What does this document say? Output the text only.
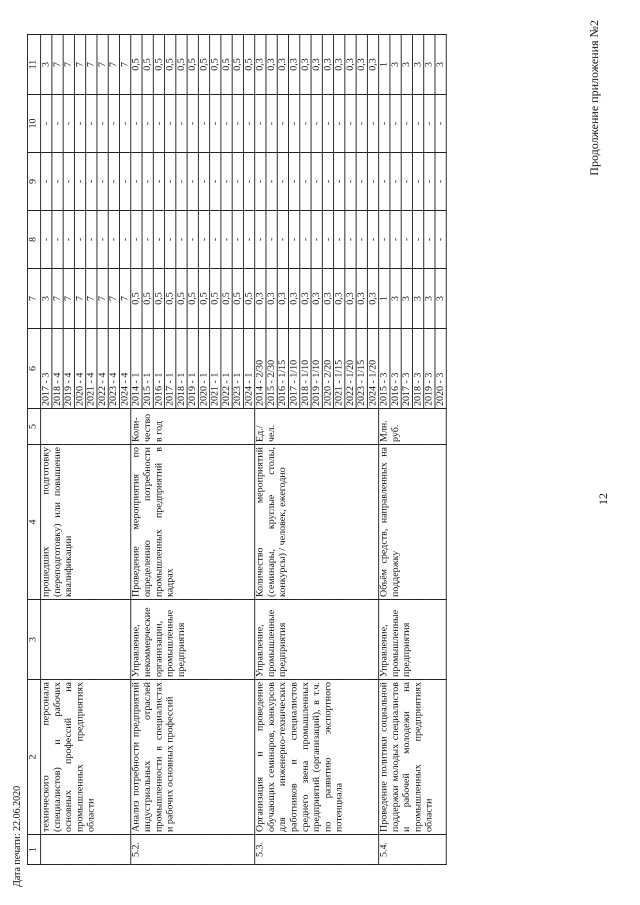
Продолжение приложения №2
12
1	2	3	4	5	6	7	8	9	10	11
	технического персонала (специалистов) и рабочих основных профессий на промышленных предприятиях области		прошедших подготовку (переподготовку) или повышение квалификации		2017 - 3	3	-	-	-	3
					2018 - 4	7	-	-	-	7
					2019 - 4	7	-	-	-	7
					2020 - 4	7	-	-	-	7
					2021 - 4	7	-	-	-	7
					2022 - 4	7	-	-	-	7
					2023 - 4	7	-	-	-	7
					2024 - 4	7	-	-	-	7
5.2.	Анализ потребности предприятий индустриальных отраслей промышленности в специалистах и рабочих основных профессий	Управление, некоммерческие организации, промышленные предприятия	Проведение мероприятия по определению потребности промышленных предприятий в кадрах	Коли-чество в год	2014 - 1	0,5	-	-	-	0,5
					2015 - 1	0,5	-	-	-	0,5
					2016 - 1	0,5	-	-	-	0,5
					2017 - 1	0,5	-	-	-	0,5
					2018 - 1	0,5	-	-	-	0,5
					2019 - 1	0,5	-	-	-	0,5
					2020 - 1	0,5	-	-	-	0,5
					2021 - 1	0,5	-	-	-	0,5
					2022 - 1	0,5	-	-	-	0,5
					2023 - 1	0,5	-	-	-	0,5
					2024 - 1	0,5	-	-	-	0,5
5.3.	Организация и проведение обучающих семинаров, конкурсов для инженерно-технических работников и специалистов среднего звена промышленных предприятий (организаций), в т.ч. по развитию экспортного потенциала	Управление, промышленные предприятия	Количество мероприятий (семинары, круглые столы, конкурсы) / человек, ежегодно	Ед./ чел.	2014 - 2/30	0,3	-	-	-	0,3
					2015 - 2/30	0,3	-	-	-	0,3
					2016 - 1/15	0,3	-	-	-	0,3
					2017 - 1/10	0,3	-	-	-	0,3
					2018 - 1/10	0,3	-	-	-	0,3
					2019 - 1/10	0,3	-	-	-	0,3
					2020 - 2/20	0,3	-	-	-	0,3
					2021 - 1/15	0,3	-	-	-	0,3
					2022 - 1/20	0,3	-	-	-	0,3
					2023 - 1/15	0,3	-	-	-	0,3
					2024 - 1/20	0,3	-	-	-	0,3
5.4.	Проведение политики социальной поддержки молодых специалистов и рабочей молодежи на промышленных предприятиях области	Управление, промышленные предприятия	Объём средств, направленных на поддержку	Млн. руб.	2015 - 3	1	-	-	-	1
					2016 - 3	3	-	-	-	3
					2017 - 3	3	-	-	-	3
					2018 - 3	3	-	-	-	3
					2019 - 3	3	-	-	-	3
					2020 - 3	3	-	-	-	3
Дата печати: 22.06.2020
